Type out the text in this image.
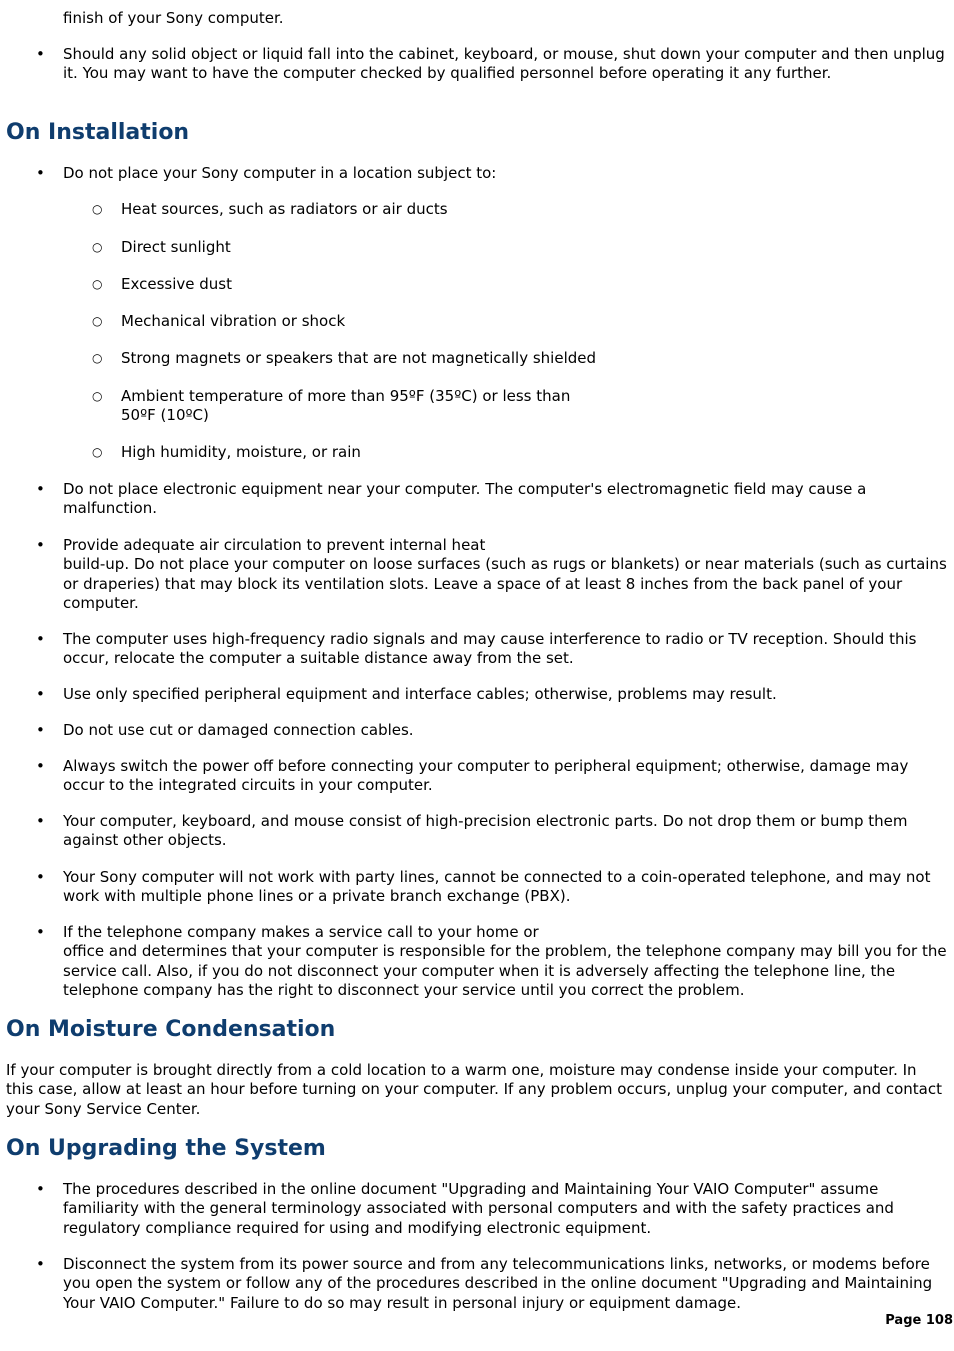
finish of your Sony computer.

• Should any solid object or liquid fall into the cabinet, keyboard, or mouse, shut down your computer and then unplug it. You may want to have the computer checked by qualified personnel before operating it any further.
On Installation
• Do not place your Sony computer in a location subject to:
○ Heat sources, such as radiators or air ducts
○ Direct sunlight
○ Excessive dust
○ Mechanical vibration or shock
○ Strong magnets or speakers that are not magnetically shielded
○ Ambient temperature of more than 95ºF (35ºC) or less than
50ºF (10ºC)
○ High humidity, moisture, or rain
• Do not place electronic equipment near your computer. The computer's electromagnetic field may cause a malfunction.
• Provide adequate air circulation to prevent internal heat
build-up. Do not place your computer on loose surfaces (such as rugs or blankets) or near materials (such as curtains or draperies) that may block its ventilation slots. Leave a space of at least 8 inches from the back panel of your computer.
• The computer uses high-frequency radio signals and may cause interference to radio or TV reception. Should this occur, relocate the computer a suitable distance away from the set.
• Use only specified peripheral equipment and interface cables; otherwise, problems may result.
• Do not use cut or damaged connection cables.
• Always switch the power off before connecting your computer to peripheral equipment; otherwise, damage may occur to the integrated circuits in your computer.
• Your computer, keyboard, and mouse consist of high-precision electronic parts. Do not drop them or bump them against other objects.
• Your Sony computer will not work with party lines, cannot be connected to a coin-operated telephone, and may not work with multiple phone lines or a private branch exchange (PBX).
• If the telephone company makes a service call to your home or
office and determines that your computer is responsible for the problem, the telephone company may bill you for the service call. Also, if you do not disconnect your computer when it is adversely affecting the telephone line, the telephone company has the right to disconnect your service until you correct the problem.
On Moisture Condensation
If your computer is brought directly from a cold location to a warm one, moisture may condense inside your computer. In this case, allow at least an hour before turning on your computer. If any problem occurs, unplug your computer, and contact your Sony Service Center.
On Upgrading the System
• The procedures described in the online document "Upgrading and Maintaining Your VAIO Computer" assume familiarity with the general terminology associated with personal computers and with the safety practices and regulatory compliance required for using and modifying electronic equipment.
• Disconnect the system from its power source and from any telecommunications links, networks, or modems before you open the system or follow any of the procedures described in the online document "Upgrading and Maintaining Your VAIO Computer." Failure to do so may result in personal injury or equipment damage.
Page 108
